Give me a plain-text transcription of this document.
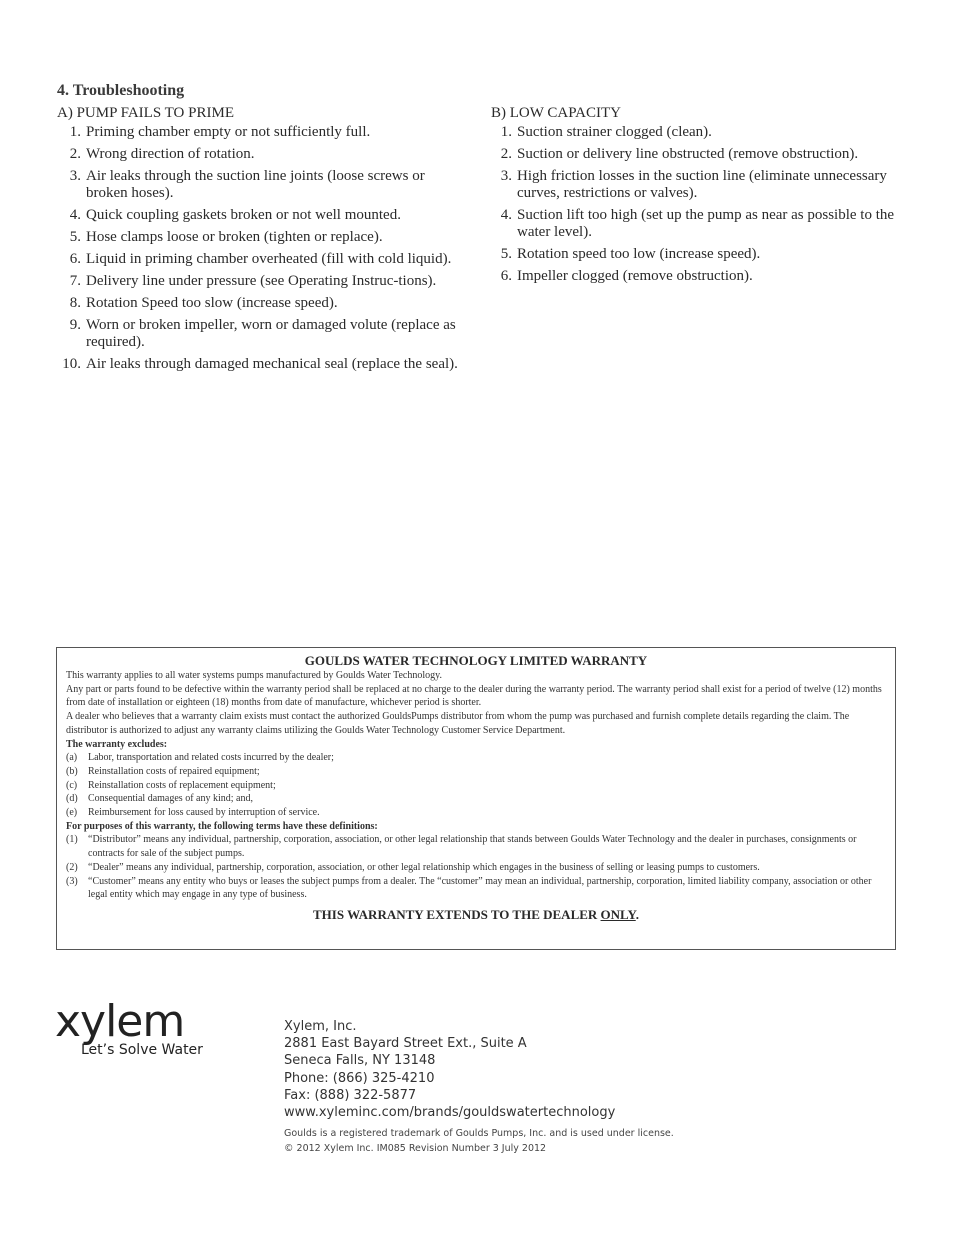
4. Troubleshooting
A) PUMP FAILS TO PRIME
1. Priming chamber empty or not sufficiently full.
2. Wrong direction of rotation.
3. Air leaks through the suction line joints (loose screws or broken hoses).
4. Quick coupling gaskets broken or not well mounted.
5. Hose clamps loose or broken (tighten or replace).
6. Liquid in priming chamber overheated (fill with cold liquid).
7. Delivery line under pressure (see Operating Instruc-tions).
8. Rotation Speed too slow (increase speed).
9. Worn or broken impeller, worn or damaged volute (replace as required).
10. Air leaks through damaged mechanical seal (replace the seal).
B) LOW CAPACITY
1. Suction strainer clogged (clean).
2. Suction or delivery line obstructed (remove obstruction).
3. High friction losses in the suction line (eliminate unnecessary curves, restrictions or valves).
4. Suction lift too high (set up the pump as near as possible to the water level).
5. Rotation speed too low (increase speed).
6. Impeller clogged (remove obstruction).
GOULDS WATER TECHNOLOGY LIMITED WARRANTY

This warranty applies to all water systems pumps manufactured by Goulds Water Technology.

Any part or parts found to be defective within the warranty period shall be replaced at no charge to the dealer during the warranty period. The warranty period shall exist for a period of twelve (12) months from date of installation or eighteen (18) months from date of manufacture, whichever period is shorter.

A dealer who believes that a warranty claim exists must contact the authorized GouldsPumps distributor from whom the pump was purchased and furnish complete details regarding the claim. The distributor is authorized to adjust any warranty claims utilizing the Goulds Water Technology Customer Service Department.

The warranty excludes:

(a)	Labor, transportation and related costs incurred by the dealer;
(b)	Reinstallation costs of repaired equipment;
(c)	Reinstallation costs of replacement equipment;
(d)	Consequential damages of any kind; and,
(e)	Reimbursement for loss caused by interruption of service.

For purposes of this warranty, the following terms have these definitions:

(1)	“Distributor” means any individual, partnership, corporation, association, or other legal relationship that stands between Goulds Water Technology and the dealer in purchases, consignments or contracts for sale of the subject pumps.
(2)	“Dealer” means any individual, partnership, corporation, association, or other legal relationship which engages in the business of selling or leasing pumps to customers.
(3)	“Customer” means any entity who buys or leases the subject pumps from a dealer. The “customer” may mean an individual, partnership, corporation, limited liability company, association or other legal entity which may engage in any type of business.
THIS WARRANTY EXTENDS TO THE DEALER ONLY.
xylem
Let’s Solve Water
Xylem, Inc.
2881 East Bayard Street Ext., Suite A
Seneca Falls, NY 13148
Phone: (866) 325-4210
Fax: (888) 322-5877
www.xyleminc.com/brands/gouldswatertechnology
Goulds is a registered trademark of Goulds Pumps, Inc. and is used under license.
© 2012 Xylem Inc. IM085 Revision Number 3 July 2012
